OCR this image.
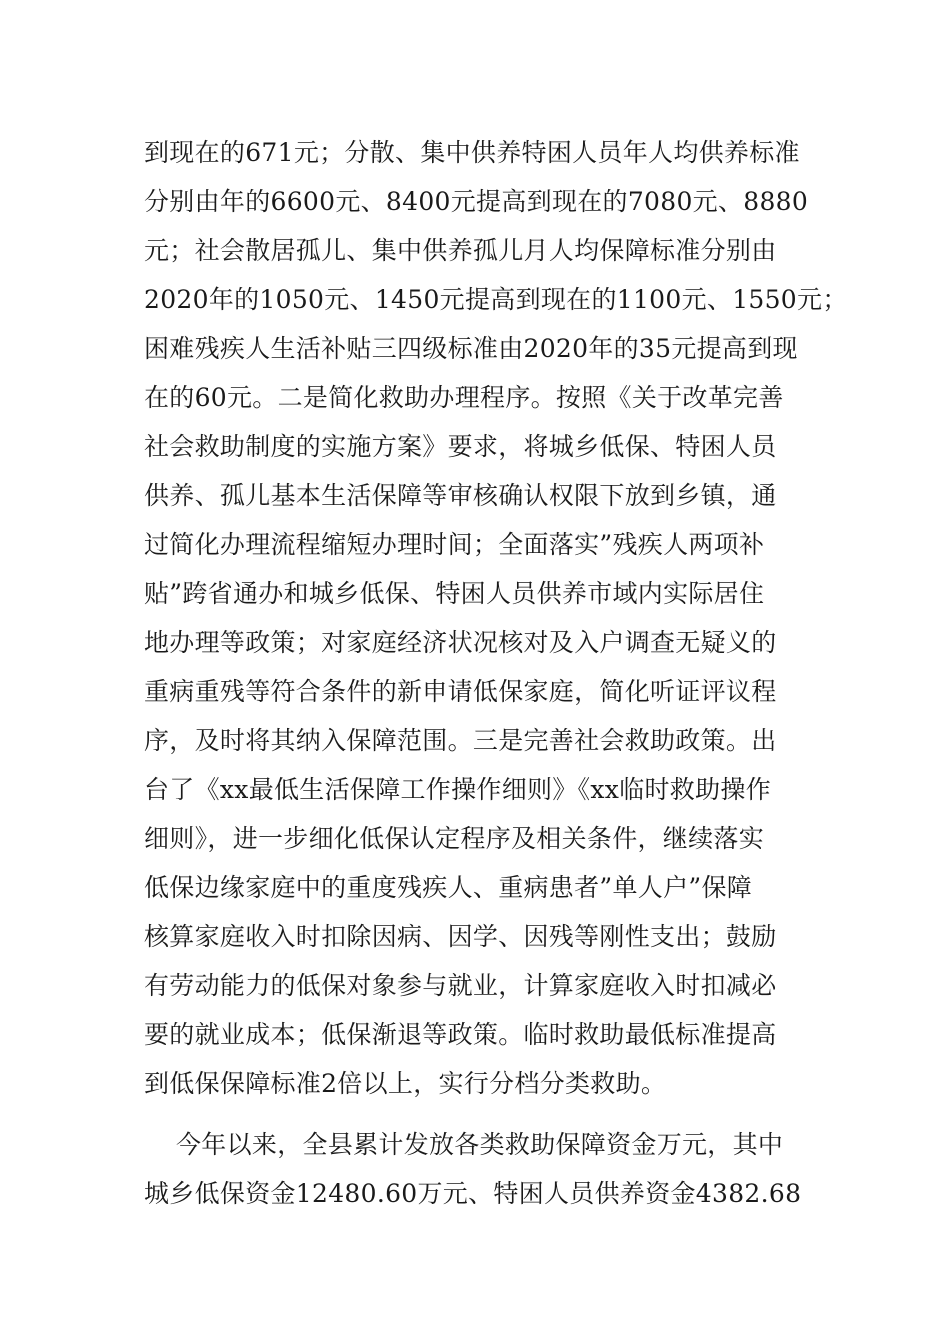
到现在的671元；分散、集中供养特困人员年人均供养标准
分别由年的6600元、8400元提高到现在的7080元、8880
元；社会散居孤儿、集中供养孤儿月人均保障标准分别由
2020年的1050元、1450元提高到现在的1100元、1550元；
困难残疾人生活补贴三四级标准由2020年的35元提高到现
在的60元。二是简化救助办理程序。按照《关于改革完善
社会救助制度的实施方案》要求，将城乡低保、特困人员
供养、孤儿基本生活保障等审核确认权限下放到乡镇，通
过简化办理流程缩短办理时间；全面落实”残疾人两项补
贴”跨省通办和城乡低保、特困人员供养市域内实际居住
地办理等政策；对家庭经济状况核对及入户调查无疑义的
重病重残等符合条件的新申请低保家庭，简化听证评议程
序，及时将其纳入保障范围。三是完善社会救助政策。出
台了《xx最低生活保障工作操作细则》《xx临时救助操作
细则》，进一步细化低保认定程序及相关条件，继续落实
低保边缘家庭中的重度残疾人、重病患者”单人户”保障
核算家庭收入时扣除因病、因学、因残等刚性支出；鼓励
有劳动能力的低保对象参与就业，计算家庭收入时扣减必
要的就业成本；低保渐退等政策。临时救助最低标准提高
到低保保障标准2倍以上，实行分档分类救助。
今年以来，全县累计发放各类救助保障资金万元，其中
城乡低保资金12480.60万元、特困人员供养资金4382.68
